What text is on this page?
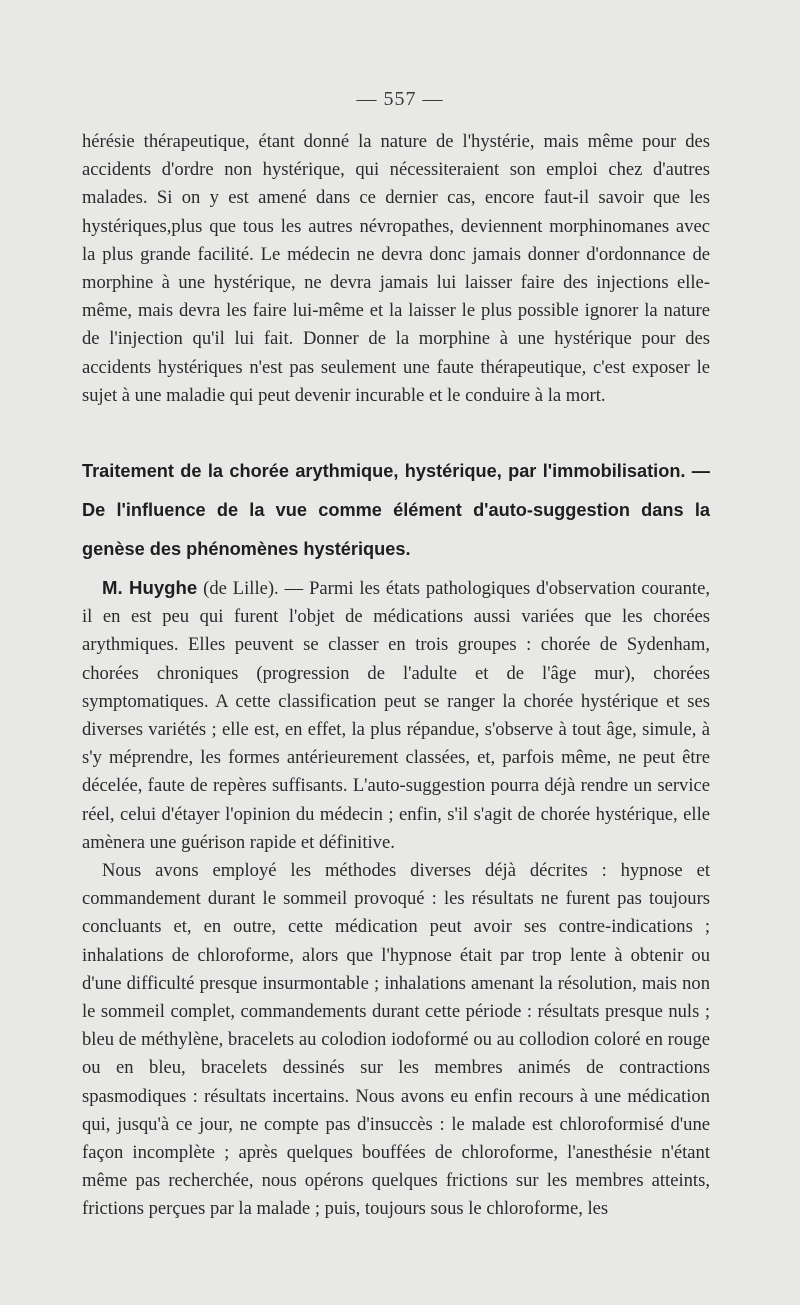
— 557 —

hérésie thérapeutique, étant donné la nature de l'hystérie, mais même pour des accidents d'ordre non hystérique, qui nécessiteraient son emploi chez d'autres malades. Si on y est amené dans ce dernier cas, encore faut-il savoir que les hystériques,plus que tous les autres névropathes, deviennent morphinomanes avec la plus grande facilité. Le médecin ne devra donc jamais donner d'ordonnance de morphine à une hystérique, ne devra jamais lui laisser faire des injections elle-même, mais devra les faire lui-même et la laisser le plus possible ignorer la nature de l'injection qu'il lui fait. Donner de la morphine à une hystérique pour des accidents hystériques n'est pas seulement une faute thérapeutique, c'est exposer le sujet à une maladie qui peut devenir incurable et le conduire à la mort.

Traitement de la chorée arythmique, hystérique, par l'immobilisation. — De l'influence de la vue comme élément d'auto-suggestion dans la genèse des phénomènes hystériques.

M. Huyghe (de Lille). — Parmi les états pathologiques d'observation courante, il en est peu qui furent l'objet de médications aussi variées que les chorées arythmiques. Elles peuvent se classer en trois groupes : chorée de Sydenham, chorées chroniques (progression de l'adulte et de l'âge mur), chorées symptomatiques. A cette classification peut se ranger la chorée hystérique et ses diverses variétés ; elle est, en effet, la plus répandue, s'observe à tout âge, simule, à s'y méprendre, les formes antérieurement classées, et, parfois même, ne peut être décelée, faute de repères suffisants. L'auto-suggestion pourra déjà rendre un service réel, celui d'étayer l'opinion du médecin ; enfin, s'il s'agit de chorée hystérique, elle amènera une guérison rapide et définitive.

Nous avons employé les méthodes diverses déjà décrites : hypnose et commandement durant le sommeil provoqué : les résultats ne furent pas toujours concluants et, en outre, cette médication peut avoir ses contre-indications ; inhalations de chloroforme, alors que l'hypnose était par trop lente à obtenir ou d'une difficulté presque insurmontable ; inhalations amenant la résolution, mais non le sommeil complet, commandements durant cette période : résultats presque nuls ; bleu de méthylène, bracelets au colodion iodoformé ou au collodion coloré en rouge ou en bleu, bracelets dessinés sur les membres animés de contractions spasmodiques : résultats incertains. Nous avons eu enfin recours à une médication qui, jusqu'à ce jour, ne compte pas d'insuccès : le malade est chloroformisé d'une façon incomplète ; après quelques bouffées de chloroforme, l'anesthésie n'étant même pas recherchée, nous opérons quelques frictions sur les membres atteints, frictions perçues par la malade ; puis, toujours sous le chloroforme, les
